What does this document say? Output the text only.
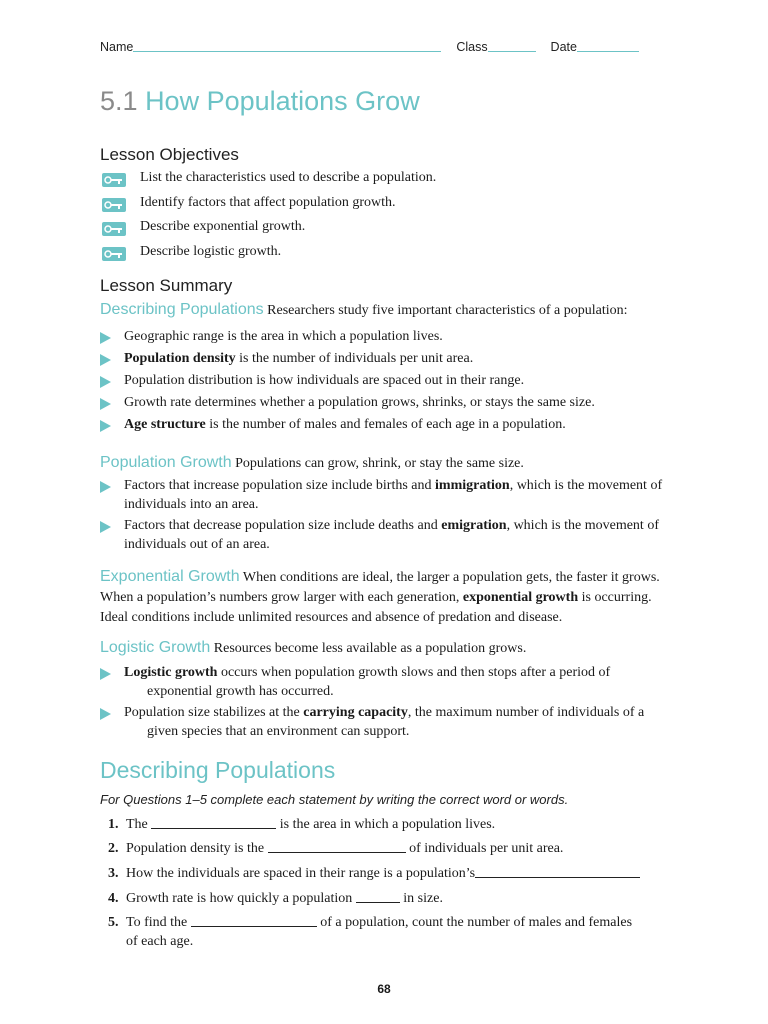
Name	Class	Date
5.1 How Populations Grow
Lesson Objectives
List the characteristics used to describe a population.
Identify factors that affect population growth.
Describe exponential growth.
Describe logistic growth.
Lesson Summary
Describing Populations Researchers study five important characteristics of a population:
Geographic range is the area in which a population lives.
Population density is the number of individuals per unit area.
Population distribution is how individuals are spaced out in their range.
Growth rate determines whether a population grows, shrinks, or stays the same size.
Age structure is the number of males and females of each age in a population.
Population Growth Populations can grow, shrink, or stay the same size.
Factors that increase population size include births and immigration, which is the movement of individuals into an area.
Factors that decrease population size include deaths and emigration, which is the movement of individuals out of an area.
Exponential Growth When conditions are ideal, the larger a population gets, the faster it grows. When a population’s numbers grow larger with each generation, exponential growth is occurring. Ideal conditions include unlimited resources and absence of predation and disease.
Logistic Growth Resources become less available as a population grows.
Logistic growth occurs when population growth slows and then stops after a period of exponential growth has occurred.
Population size stabilizes at the carrying capacity, the maximum number of individuals of a given species that an environment can support.
Describing Populations
For Questions 1–5 complete each statement by writing the correct word or words.
1. The	is the area in which a population lives.
2. Population density is the	of individuals per unit area.
3. How the individuals are spaced in their range is a population’s
4. Growth rate is how quickly a population	in size.
5. To find the	of a population, count the number of males and females
of each age.
68
